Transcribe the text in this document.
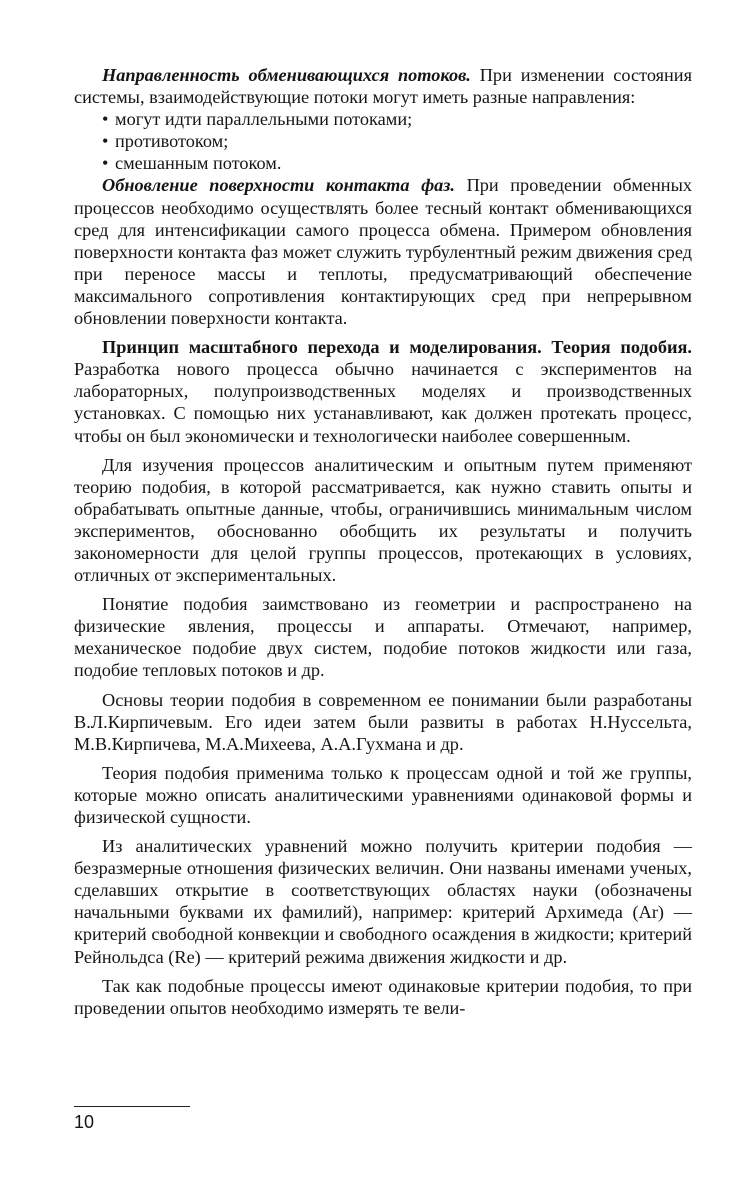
Направленность обменивающихся потоков. При изменении состояния системы, взаимодействующие потоки могут иметь разные направления:

• могут идти параллельными потоками;
• противотоком;
• смешанным потоком.

Обновление поверхности контакта фаз. При проведении обменных процессов необходимо осуществлять более тесный контакт обменивающихся сред для интенсификации самого процесса обмена. Примером обновления поверхности контакта фаз может служить турбулентный режим движения сред при переносе массы и теплоты, предусматривающий обеспечение максимального сопротивления контактирующих сред при непрерывном обновлении поверхности контакта.

Принцип масштабного перехода и моделирования. Теория подобия. Разработка нового процесса обычно начинается с экспериментов на лабораторных, полупроизводственных моделях и производственных установках. С помощью них устанавливают, как должен протекать процесс, чтобы он был экономически и технологически наиболее совершенным.

Для изучения процессов аналитическим и опытным путем применяют теорию подобия, в которой рассматривается, как нужно ставить опыты и обрабатывать опытные данные, чтобы, ограничившись минимальным числом экспериментов, обоснованно обобщить их результаты и получить закономерности для целой группы процессов, протекающих в условиях, отличных от экспериментальных.

Понятие подобия заимствовано из геометрии и распространено на физические явления, процессы и аппараты. Отмечают, например, механическое подобие двух систем, подобие потоков жидкости или газа, подобие тепловых потоков и др.

Основы теории подобия в современном ее понимании были разработаны В.Л.Кирпичевым. Его идеи затем были развиты в работах Н.Нуссельта, М.В.Кирпичева, М.А.Михеева, А.А.Гухмана и др.

Теория подобия применима только к процессам одной и той же группы, которые можно описать аналитическими уравнениями одинаковой формы и физической сущности.

Из аналитических уравнений можно получить критерии подобия — безразмерные отношения физических величин. Они названы именами ученых, сделавших открытие в соответствующих областях науки (обозначены начальными буквами их фамилий), например: критерий Архимеда (Ar) — критерий свободной конвекции и свободного осаждения в жидкости; критерий Рейнольдса (Re) — критерий режима движения жидкости и др.

Так как подобные процессы имеют одинаковые критерии подобия, то при проведении опытов необходимо измерять те вели-

10
